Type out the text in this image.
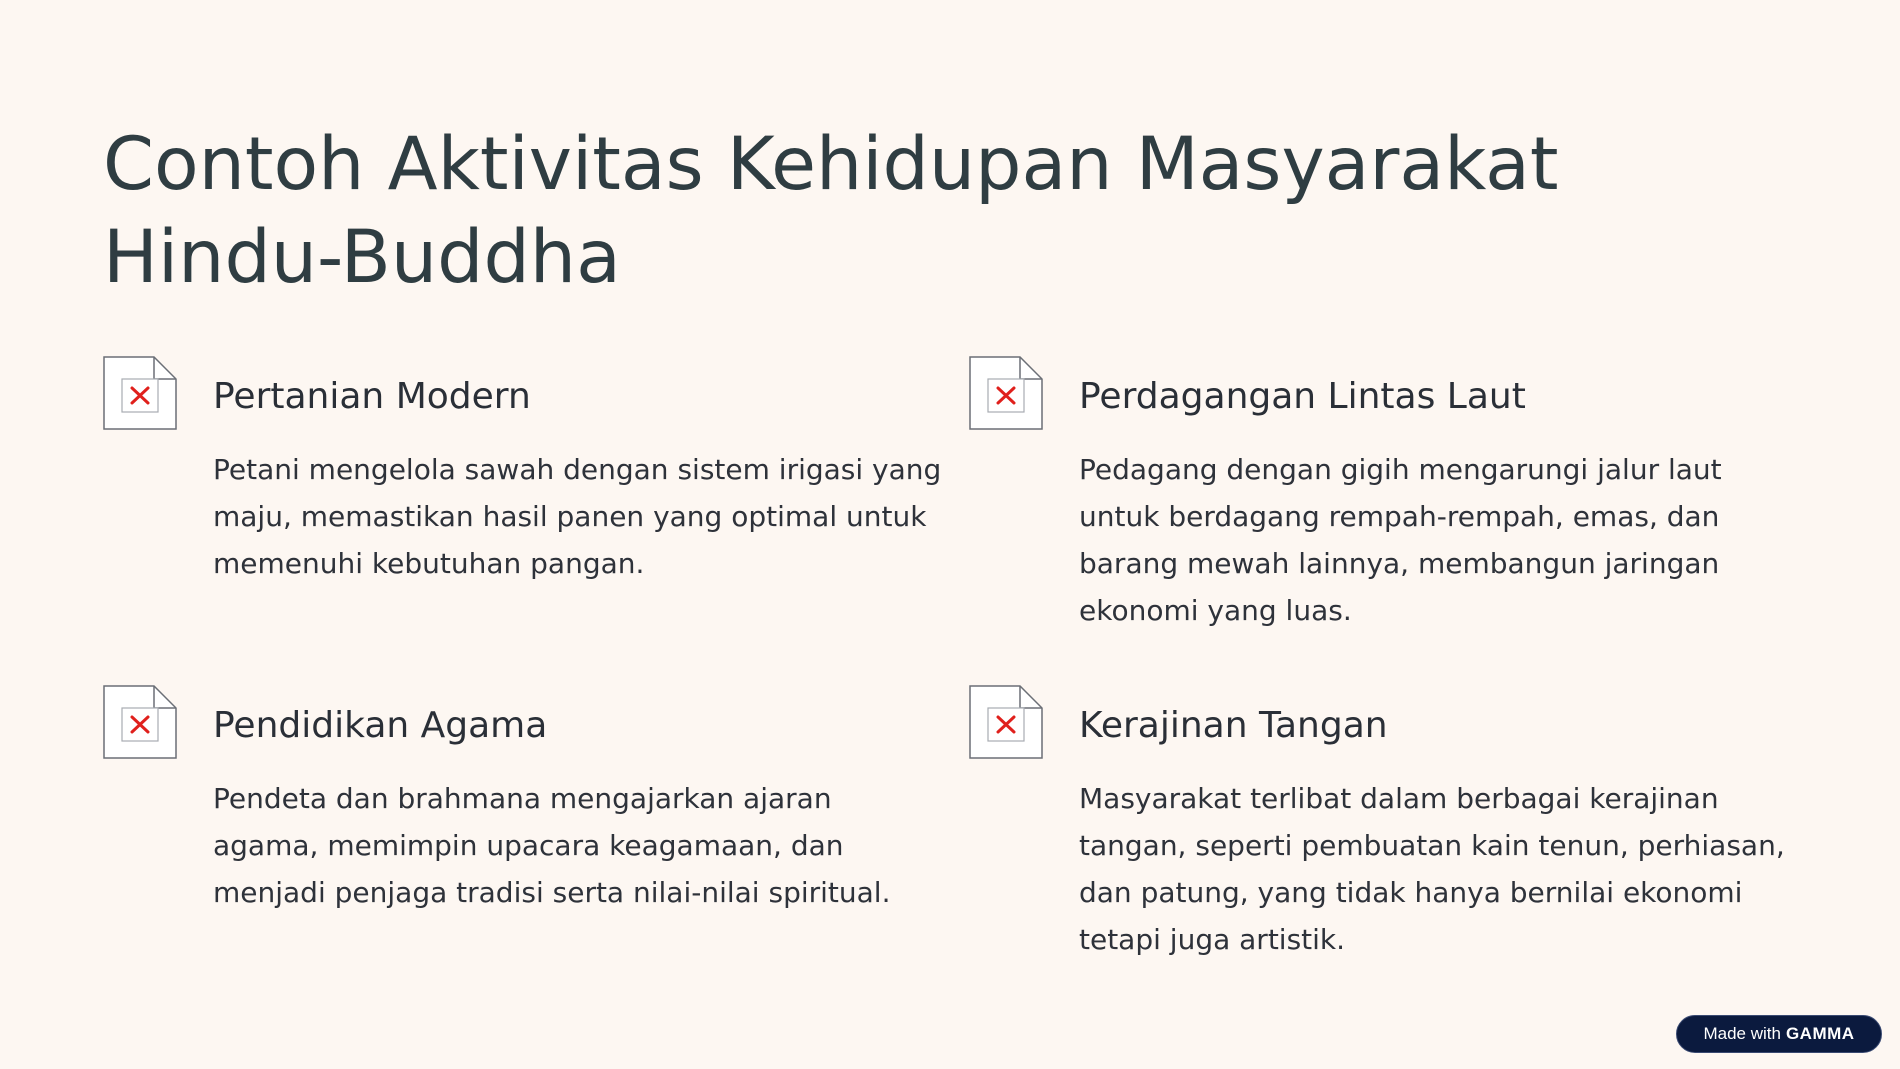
Contoh Aktivitas Kehidupan Masyarakat Hindu-Buddha
Pertanian Modern

Petani mengelola sawah dengan sistem irigasi yang maju, memastikan hasil panen yang optimal untuk memenuhi kebutuhan pangan.

Perdagangan Lintas Laut

Pedagang dengan gigih mengarungi jalur laut untuk berdagang rempah-rempah, emas, dan barang mewah lainnya, membangun jaringan ekonomi yang luas.

Pendidikan Agama

Pendeta dan brahmana mengajarkan ajaran agama, memimpin upacara keagamaan, dan menjadi penjaga tradisi serta nilai-nilai spiritual.

Kerajinan Tangan

Masyarakat terlibat dalam berbagai kerajinan tangan, seperti pembuatan kain tenun, perhiasan, dan patung, yang tidak hanya bernilai ekonomi tetapi juga artistik.

Made with GAMMA
